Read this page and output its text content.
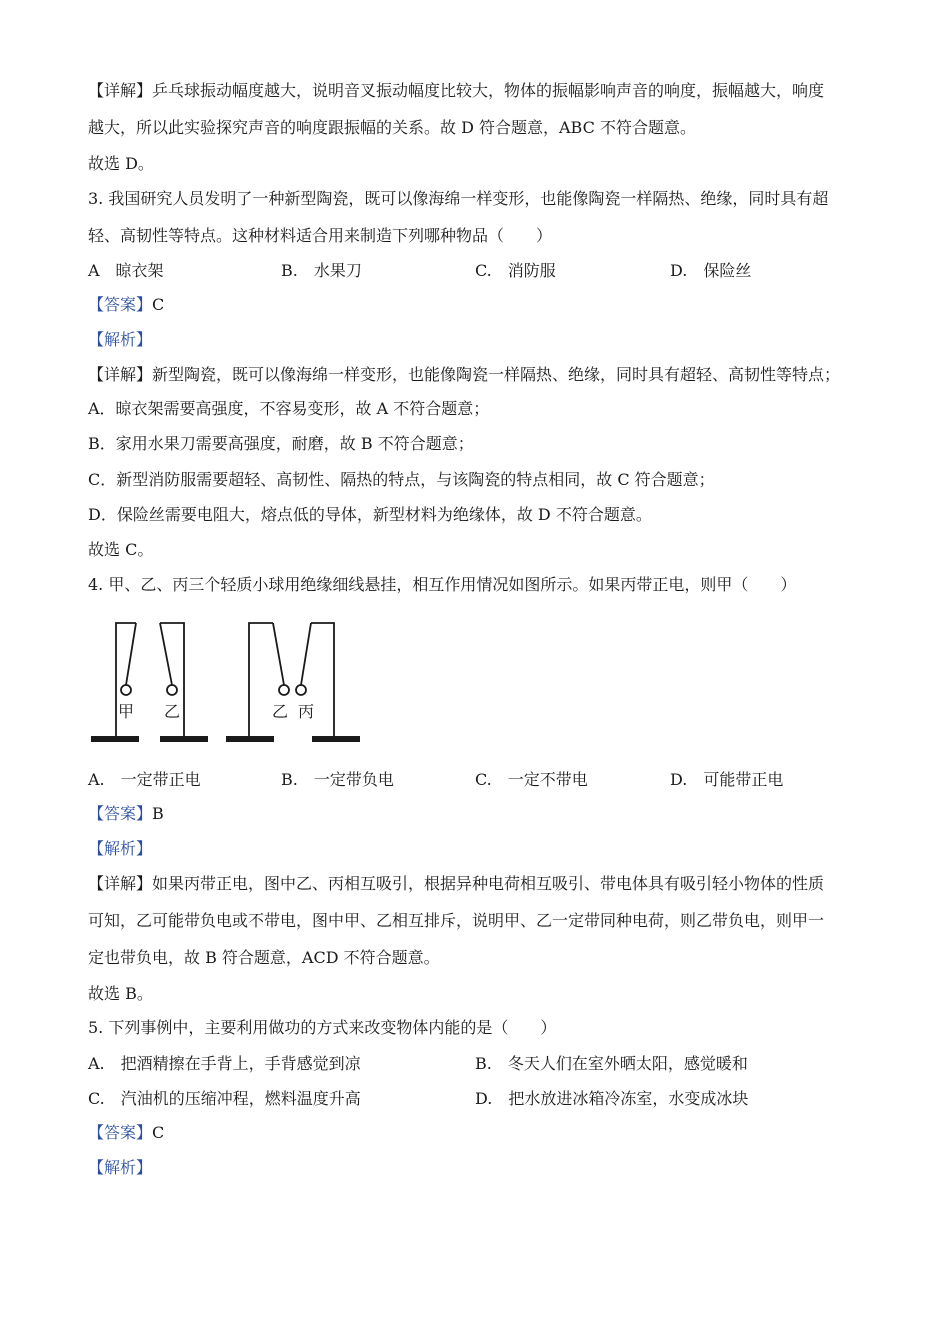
【详解】乒乓球振动幅度越大，说明音叉振动幅度比较大，物体的振幅影响声音的响度，振幅越大，响度
越大，所以此实验探究声音的响度跟振幅的关系。故 D 符合题意，ABC 不符合题意。
故选 D。
3. 我国研究人员发明了一种新型陶瓷，既可以像海绵一样变形，也能像陶瓷一样隔热、绝缘，同时具有超
轻、高韧性等特点。这种材料适合用来制造下列哪种物品（　　）
A　晾衣架	B.　水果刀	C.　消防服	D.　保险丝
【答案】C
【解析】
【详解】新型陶瓷，既可以像海绵一样变形，也能像陶瓷一样隔热、绝缘，同时具有超轻、高韧性等特点；
A．晾衣架需要高强度，不容易变形，故 A 不符合题意；
B．家用水果刀需要高强度，耐磨，故 B 不符合题意；
C．新型消防服需要超轻、高韧性、隔热的特点，与该陶瓷的特点相同，故 C 符合题意；
D．保险丝需要电阻大，熔点低的导体，新型材料为绝缘体，故 D 不符合题意。
故选 C。
4. 甲、乙、丙三个轻质小球用绝缘细线悬挂，相互作用情况如图所示。如果丙带正电，则甲（　　）
甲 乙	乙 丙
A.　一定带正电	B.　一定带负电	C.　一定不带电	D.　可能带正电
【答案】B
【解析】
【详解】如果丙带正电，图中乙、丙相互吸引，根据异种电荷相互吸引、带电体具有吸引轻小物体的性质
可知，乙可能带负电或不带电，图中甲、乙相互排斥，说明甲、乙一定带同种电荷，则乙带负电，则甲一
定也带负电，故 B 符合题意，ACD 不符合题意。
故选 B。
5. 下列事例中，主要利用做功的方式来改变物体内能的是（　　）
A.　把酒精擦在手背上，手背感觉到凉	B.　冬天人们在室外晒太阳，感觉暖和
C.　汽油机的压缩冲程，燃料温度升高	D.　把水放进冰箱冷冻室，水变成冰块
【答案】C
【解析】
